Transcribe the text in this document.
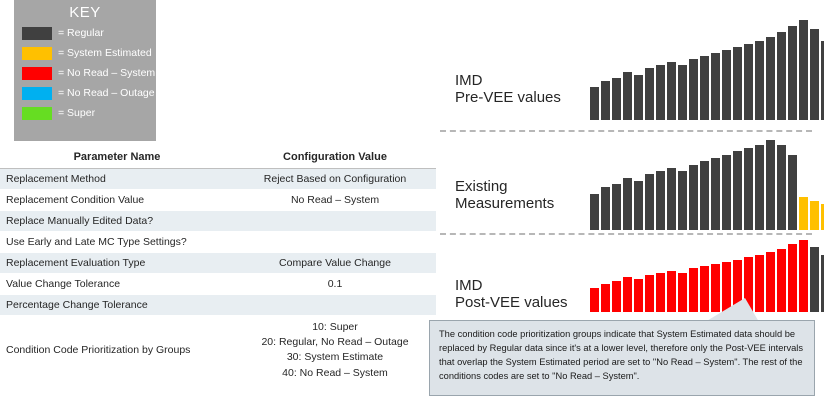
KEY
= Regular
= System Estimated
= No Read – System
= No Read – Outage
= Super
Parameter Name	Configuration Value
Replacement Method	Reject Based on Configuration
Replacement Condition Value	No Read – System
Replace Manually Edited Data?	
Use Early and Late MC Type Settings?	
Replacement Evaluation Type	Compare Value Change
Value Change Tolerance	0.1
Percentage Change Tolerance	
Condition Code Prioritization by Groups	10: Super
20: Regular, No Read – Outage
30: System Estimate
40: No Read – System
IMD
Pre-VEE values
Existing
Measurements
IMD
Post-VEE values
The condition code prioritization groups indicate that System Estimated data should be replaced by Regular data since it's at a lower level, therefore only the Post-VEE intervals that overlap the System Estimated period are set to "No Read – System". The rest of the conditions codes are set to "No Read – System".
